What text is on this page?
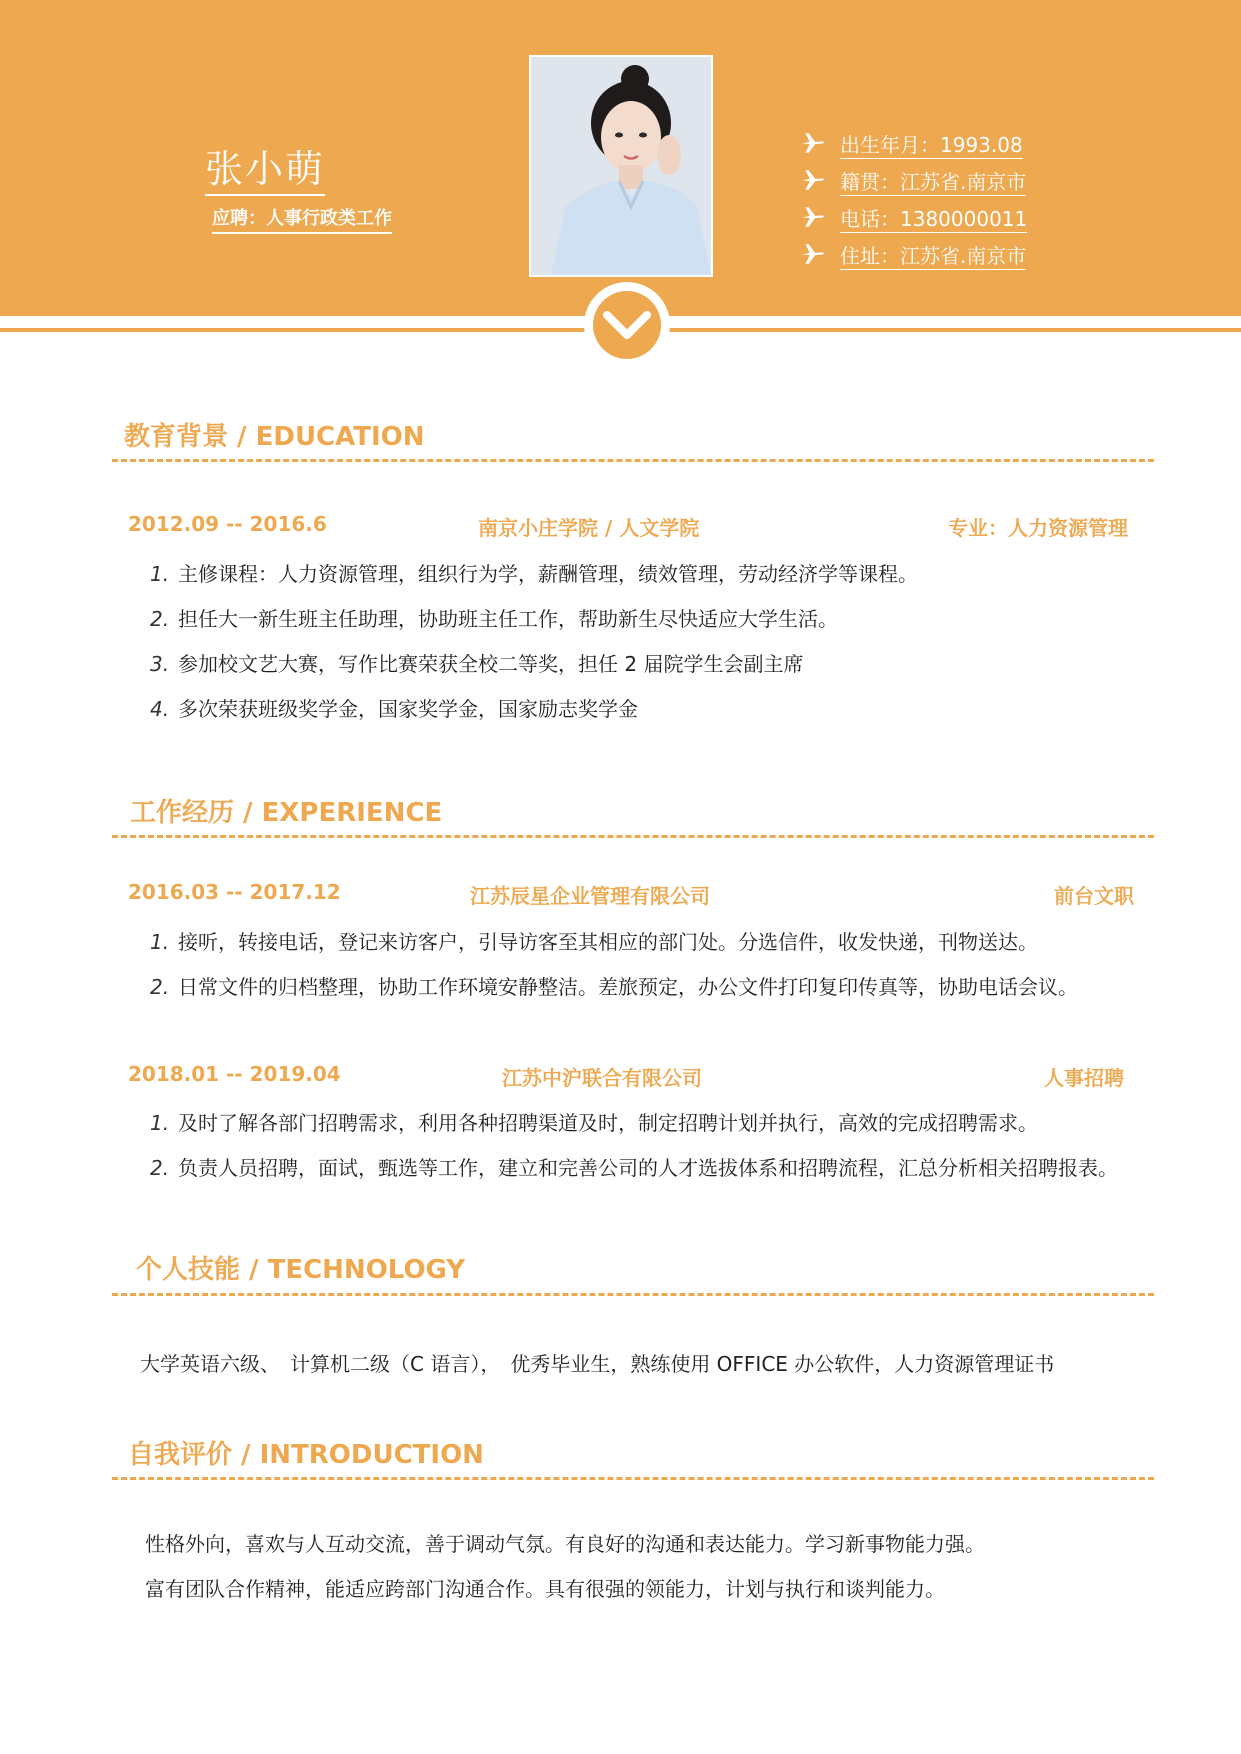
张小萌
应聘：人事行政类工作
出生年月：1993.08
籍贯：江苏省.南京市
电话：1380000011
住址：江苏省.南京市
教育背景 / EDUCATION
2012.09 -- 2016.6	南京小庄学院 / 人文学院	专业：人力资源管理
1. 主修课程：人力资源管理，组织行为学，薪酬管理，绩效管理，劳动经济学等课程。
2. 担任大一新生班主任助理，协助班主任工作，帮助新生尽快适应大学生活。
3. 参加校文艺大赛，写作比赛荣获全校二等奖，担任 2 届院学生会副主席
4. 多次荣获班级奖学金，国家奖学金，国家励志奖学金
工作经历 / EXPERIENCE
2016.03 -- 2017.12	江苏辰星企业管理有限公司	前台文职
1. 接听，转接电话，登记来访客户，引导访客至其相应的部门处。分选信件，收发快递，刊物送达。
2. 日常文件的归档整理，协助工作环境安静整洁。差旅预定，办公文件打印复印传真等，协助电话会议。
2018.01 -- 2019.04	江苏中沪联合有限公司	人事招聘
1. 及时了解各部门招聘需求，利用各种招聘渠道及时，制定招聘计划并执行，高效的完成招聘需求。
2. 负责人员招聘，面试，甄选等工作，建立和完善公司的人才选拔体系和招聘流程，汇总分析相关招聘报表。
个人技能 / TECHNOLOGY
大学英语六级、　计算机二级（C 语言），　优秀毕业生，熟练使用 OFFICE 办公软件，人力资源管理证书
自我评价 / INTRODUCTION
性格外向，喜欢与人互动交流，善于调动气氛。有良好的沟通和表达能力。学习新事物能力强。
富有团队合作精神，能适应跨部门沟通合作。具有很强的领能力，计划与执行和谈判能力。
